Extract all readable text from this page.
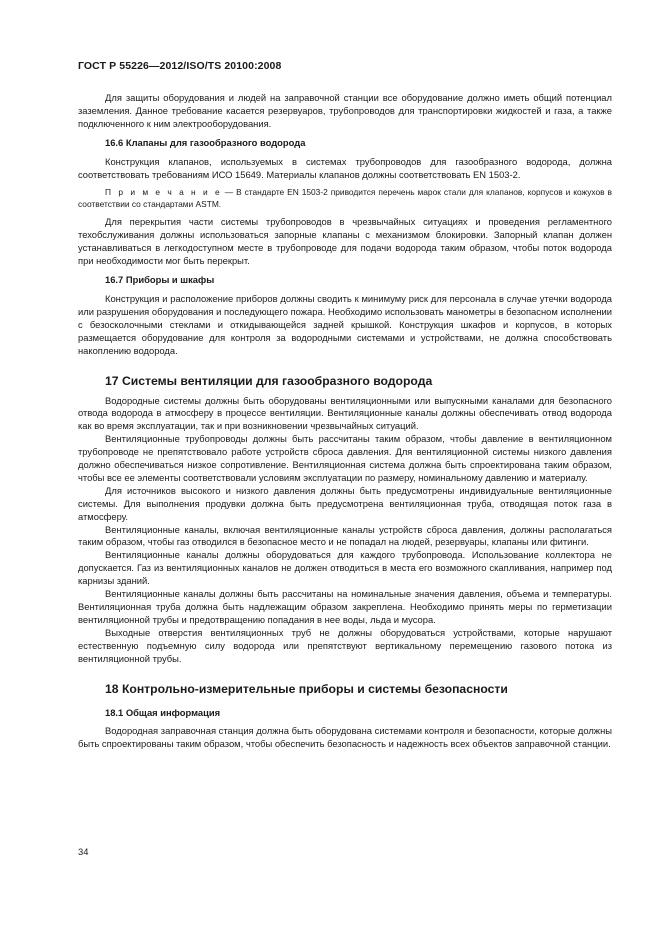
ГОСТ Р 55226—2012/ISO/TS 20100:2008

Для защиты оборудования и людей на заправочной станции все оборудование должно иметь общий потенциал заземления. Данное требование касается резервуаров, трубопроводов для транспортировки жидкостей и газа, а также подключенного к ним электрооборудования.

16.6 Клапаны для газообразного водорода

Конструкция клапанов, используемых в системах трубопроводов для газообразного водорода, должна соответствовать требованиям ИСО 15649. Материалы клапанов должны соответствовать EN 1503-2.

П р и м е ч а н и е — В стандарте EN 1503-2 приводится перечень марок стали для клапанов, корпусов и кожухов в соответствии со стандартами ASTM.

Для перекрытия части системы трубопроводов в чрезвычайных ситуациях и проведения регламентного техобслуживания должны использоваться запорные клапаны с механизмом блокировки. Запорный клапан должен устанавливаться в легкодоступном месте в трубопроводе для подачи водорода таким образом, чтобы поток водорода при необходимости мог быть перекрыт.

16.7 Приборы и шкафы

Конструкция и расположение приборов должны сводить к минимуму риск для персонала в случае утечки водорода или разрушения оборудования и последующего пожара. Необходимо использовать манометры в безопасном исполнении с безосколочными стеклами и откидывающейся задней крышкой. Конструкция шкафов и корпусов, в которых размещается оборудование для контроля за водородными системами и устройствами, не должна способствовать накоплению водорода.

17 Системы вентиляции для газообразного водорода

Водородные системы должны быть оборудованы вентиляционными или выпускными каналами для безопасного отвода водорода в атмосферу в процессе вентиляции. Вентиляционные каналы должны обеспечивать отвод водорода как во время эксплуатации, так и при возникновении чрезвычайных ситуаций.

Вентиляционные трубопроводы должны быть рассчитаны таким образом, чтобы давление в вентиляционном трубопроводе не препятствовало работе устройств сброса давления. Для вентиляционной системы низкого давления должно обеспечиваться низкое сопротивление. Вентиляционная система должна быть спроектирована таким образом, чтобы все ее элементы соответствовали условиям эксплуатации по размеру, номинальному давлению и материалу.

Для источников высокого и низкого давления должны быть предусмотрены индивидуальные вентиляционные системы. Для выполнения продувки должна быть предусмотрена вентиляционная труба, отводящая поток газа в атмосферу.

Вентиляционные каналы, включая вентиляционные каналы устройств сброса давления, должны располагаться таким образом, чтобы газ отводился в безопасное место и не попадал на людей, резервуары, клапаны или фитинги.

Вентиляционные каналы должны оборудоваться для каждого трубопровода. Использование коллектора не допускается. Газ из вентиляционных каналов не должен отводиться в места его возможного скапливания, например под карнизы зданий.

Вентиляционные каналы должны быть рассчитаны на номинальные значения давления, объема и температуры. Вентиляционная труба должна быть надлежащим образом закреплена. Необходимо принять меры по герметизации вентиляционной трубы и предотвращению попадания в нее воды, льда и мусора.

Выходные отверстия вентиляционных труб не должны оборудоваться устройствами, которые нарушают естественную подъемную силу водорода или препятствуют вертикальному перемещению газового потока из вентиляционной трубы.

18 Контрольно-измерительные приборы и системы безопасности
18.1 Общая информация

Водородная заправочная станция должна быть оборудована системами контроля и безопасности, которые должны быть спроектированы таким образом, чтобы обеспечить безопасность и надежность всех объектов заправочной станции.

34
